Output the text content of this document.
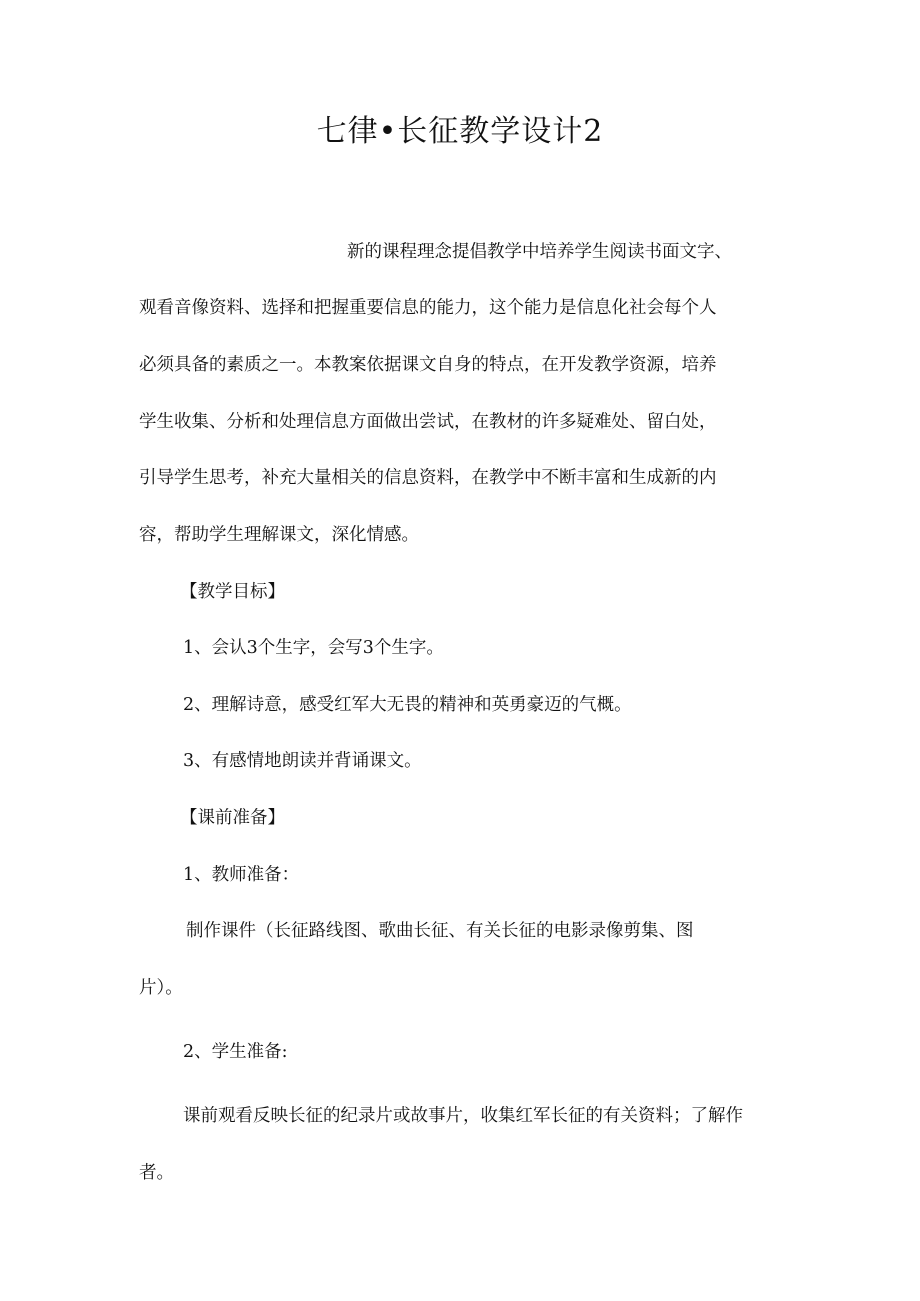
七律•长征教学设计2
新的课程理念提倡教学中培养学生阅读书面文字、
观看音像资料、选择和把握重要信息的能力，这个能力是信息化社会每个人
必须具备的素质之一。本教案依据课文自身的特点，在开发教学资源，培养
学生收集、分析和处理信息方面做出尝试，在教材的许多疑难处、留白处，
引导学生思考，补充大量相关的信息资料，在教学中不断丰富和生成新的内
容，帮助学生理解课文，深化情感。
【教学目标】
1、会认3个生字，会写3个生字。
2、理解诗意，感受红军大无畏的精神和英勇豪迈的气概。
3、有感情地朗读并背诵课文。
【课前准备】
1、教师准备：
制作课件（长征路线图、歌曲长征、有关长征的电影录像剪集、图
片）。
2、学生准备:
课前观看反映长征的纪录片或故事片，收集红军长征的有关资料；了解作
者。
